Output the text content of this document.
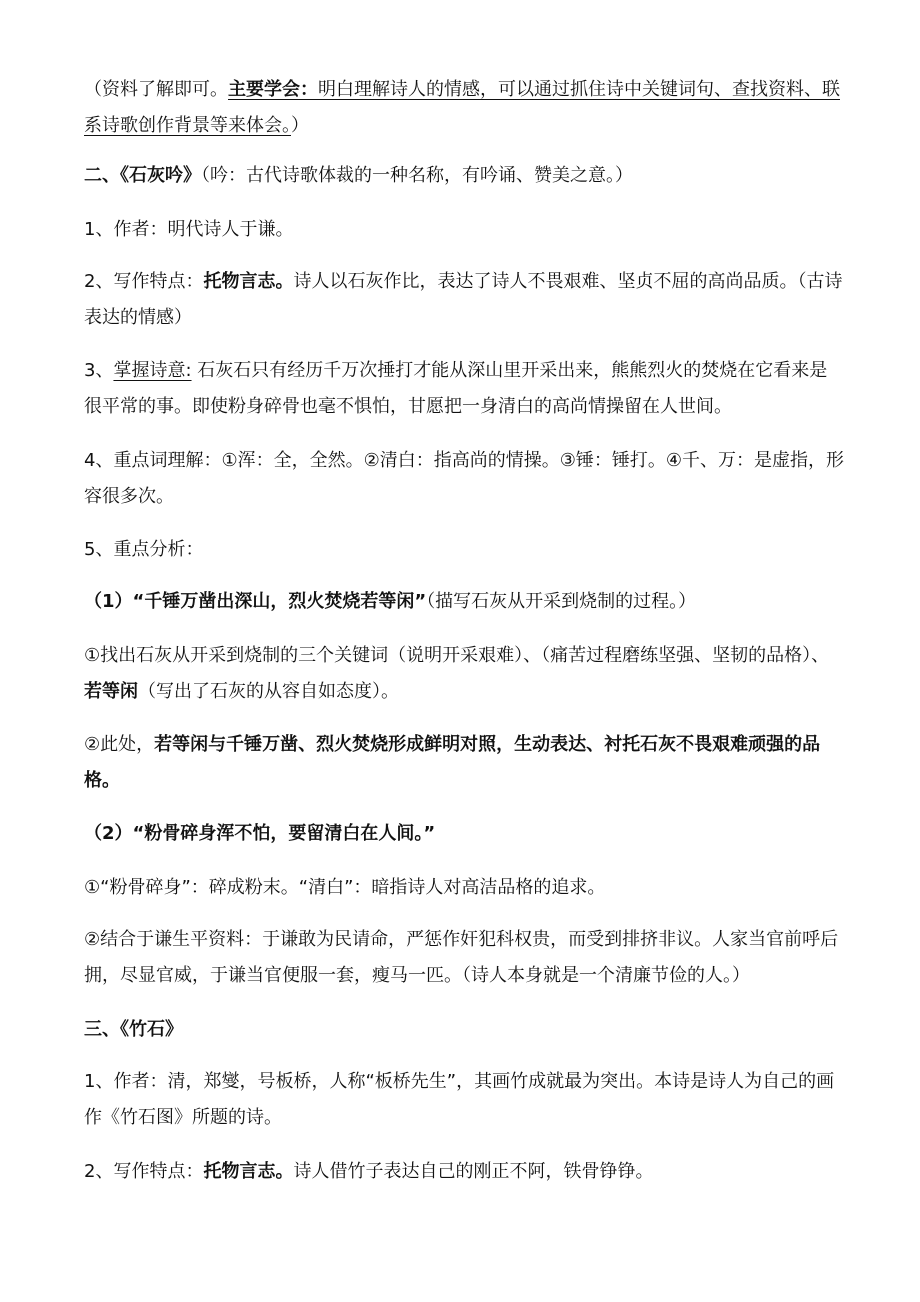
（资料了解即可。主要学会：明白理解诗人的情感，可以通过抓住诗中关键词句、查找资料、联系诗歌创作背景等来体会。）

二、《石灰吟》（吟：古代诗歌体裁的一种名称，有吟诵、赞美之意。）

1、作者：明代诗人于谦。

2、写作特点：托物言志。诗人以石灰作比，表达了诗人不畏艰难、坚贞不屈的高尚品质。（古诗表达的情感）

3、掌握诗意: 石灰石只有经历千万次捶打才能从深山里开采出来，熊熊烈火的焚烧在它看来是很平常的事。即使粉身碎骨也毫不惧怕，甘愿把一身清白的高尚情操留在人世间。

4、重点词理解：①浑：全，全然。②清白：指高尚的情操。③锤：锤打。④千、万：是虚指，形容很多次。

5、重点分析：

（1）“千锤万凿出深山，烈火焚烧若等闲”（描写石灰从开采到烧制的过程。）

①找出石灰从开采到烧制的三个关键词（说明开采艰难）、（痛苦过程磨练坚强、坚韧的品格）、若等闲（写出了石灰的从容自如态度）。

②此处，若等闲与千锤万凿、烈火焚烧形成鲜明对照，生动表达、衬托石灰不畏艰难顽强的品格。

（2）“粉骨碎身浑不怕，要留清白在人间。”

①“粉骨碎身”：碎成粉末。“清白”：暗指诗人对高洁品格的追求。

②结合于谦生平资料：于谦敢为民请命，严惩作奸犯科权贵，而受到排挤非议。人家当官前呼后拥，尽显官威，于谦当官便服一套，瘦马一匹。（诗人本身就是一个清廉节俭的人。）

三、《竹石》

1、作者：清，郑燮，号板桥，人称“板桥先生”，其画竹成就最为突出。本诗是诗人为自己的画作《竹石图》所题的诗。

2、写作特点：托物言志。诗人借竹子表达自己的刚正不阿，铁骨铮铮。
